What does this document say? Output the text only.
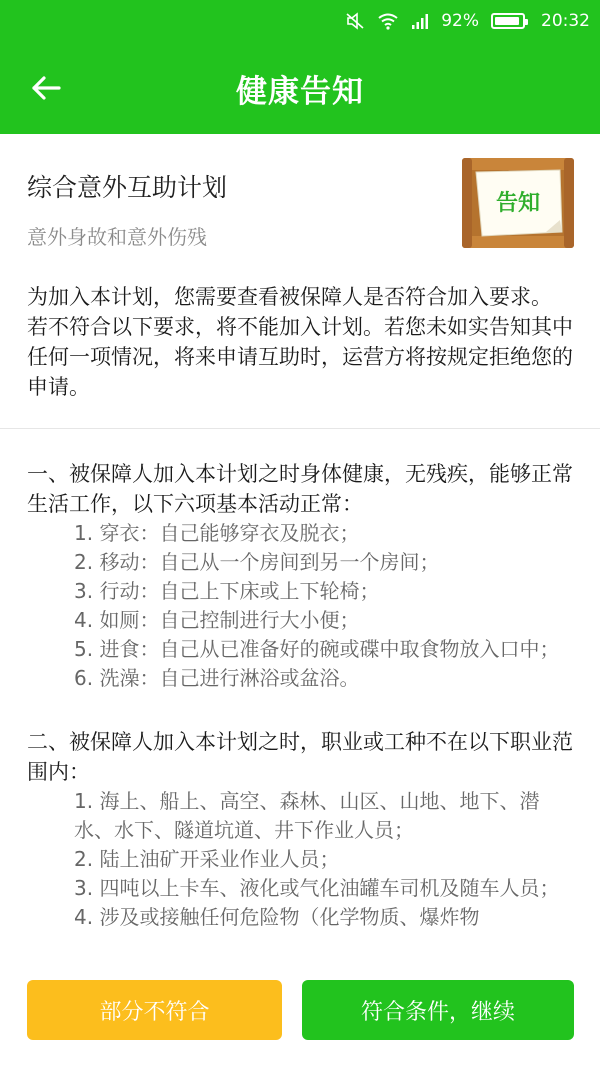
92%	20:32
健康告知
综合意外互助计划
意外身故和意外伤残
告知
为加入本计划，您需要查看被保障人是否符合加入要求。 若不符合以下要求，将不能加入计划。若您未如实告知其中任何一项情况，将来申请互助时，运营方将按规定拒绝您的申请。
一、被保障人加入本计划之时身体健康，无残疾，能够正常生活工作，以下六项基本活动正常：
1. 穿衣：自己能够穿衣及脱衣；
2. 移动：自己从一个房间到另一个房间；
3. 行动：自己上下床或上下轮椅；
4. 如厕：自己控制进行大小便；
5. 进食：自己从已准备好的碗或碟中取食物放入口中；
6. 洗澡：自己进行淋浴或盆浴。
二、被保障人加入本计划之时，职业或工种不在以下职业范围内：
1. 海上、船上、高空、森林、山区、山地、地下、潜水、水下、隧道坑道、井下作业人员；
2. 陆上油矿开采业作业人员；
3. 四吨以上卡车、液化或气化油罐车司机及随车人员；
4. 涉及或接触任何危险物（化学物质、爆炸物
部分不符合	符合条件，继续
